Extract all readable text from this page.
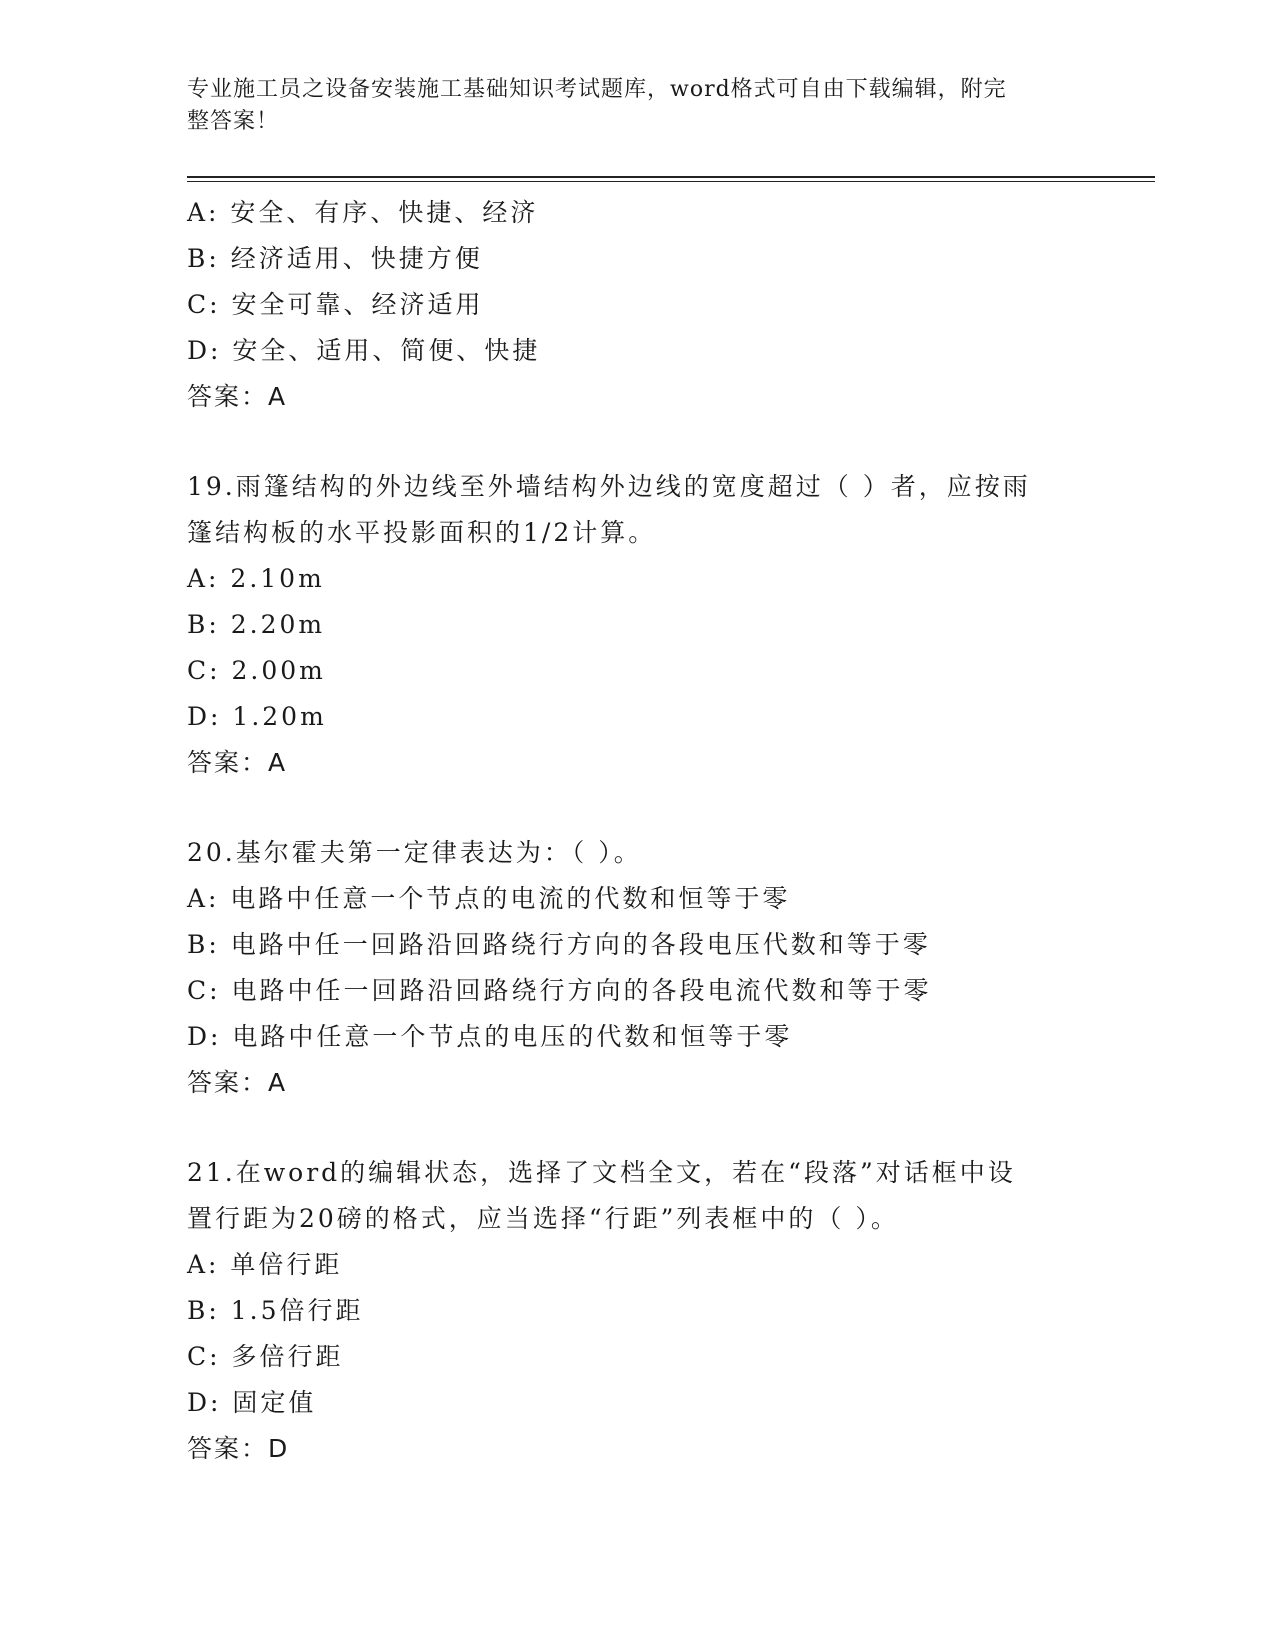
专业施工员之设备安装施工基础知识考试题库，word格式可自由下载编辑，附完
整答案！
A: 安全、有序、快捷、经济
B: 经济适用、快捷方便
C: 安全可靠、经济适用
D: 安全、适用、简便、快捷
答案：A
19.雨篷结构的外边线至外墙结构外边线的宽度超过（ ）者，应按雨
篷结构板的水平投影面积的1/2计算。
A: 2.10m
B: 2.20m
C: 2.00m
D: 1.20m
答案：A
20.基尔霍夫第一定律表达为：（ ）。
A: 电路中任意一个节点的电流的代数和恒等于零
B: 电路中任一回路沿回路绕行方向的各段电压代数和等于零
C: 电路中任一回路沿回路绕行方向的各段电流代数和等于零
D: 电路中任意一个节点的电压的代数和恒等于零
答案：A
21.在word的编辑状态，选择了文档全文，若在“段落”对话框中设
置行距为20磅的格式，应当选择“行距”列表框中的（ ）。
A: 单倍行距
B: 1.5倍行距
C: 多倍行距
D: 固定值
答案：D
